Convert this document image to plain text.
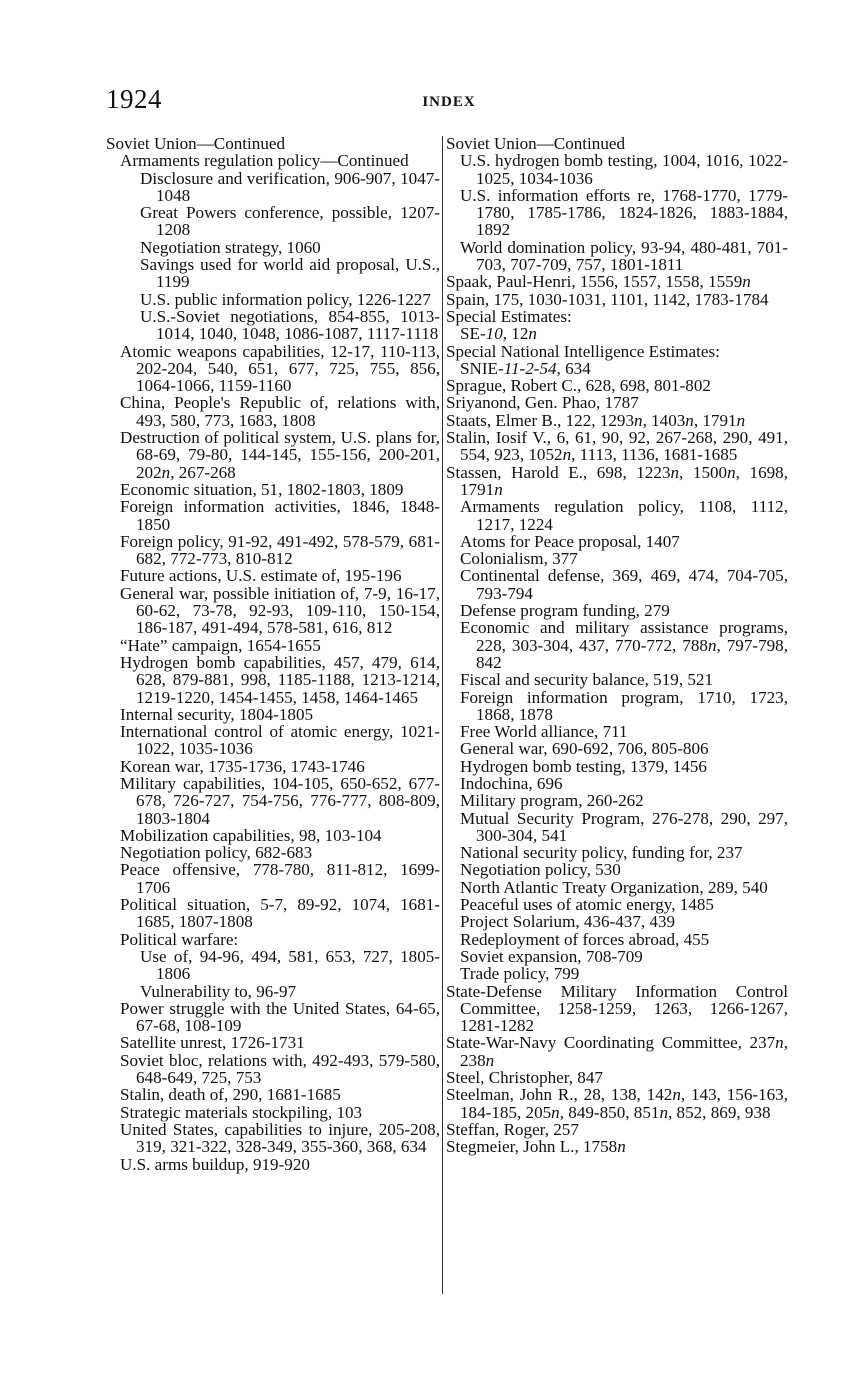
1924	INDEX

Soviet Union—Continued

Armaments regulation policy—Continued

Disclosure and verification, 906-907, 1047-1048

Great Powers conference, possible, 1207-1208

Negotiation strategy, 1060

Savings used for world aid proposal, U.S., 1199

U.S. public information policy, 1226-1227

U.S.-Soviet negotiations, 854-855, 1013-1014, 1040, 1048, 1086-1087, 1117-1118

Atomic weapons capabilities, 12-17, 110-113, 202-204, 540, 651, 677, 725, 755, 856, 1064-1066, 1159-1160

China, People's Republic of, relations with, 493, 580, 773, 1683, 1808

Destruction of political system, U.S. plans for, 68-69, 79-80, 144-145, 155-156, 200-201, 202n, 267-268

Economic situation, 51, 1802-1803, 1809

Foreign information activities, 1846, 1848-1850

Foreign policy, 91-92, 491-492, 578-579, 681-682, 772-773, 810-812

Future actions, U.S. estimate of, 195-196

General war, possible initiation of, 7-9, 16-17, 60-62, 73-78, 92-93, 109-110, 150-154, 186-187, 491-494, 578-581, 616, 812

“Hate” campaign, 1654-1655

Hydrogen bomb capabilities, 457, 479, 614, 628, 879-881, 998, 1185-1188, 1213-1214, 1219-1220, 1454-1455, 1458, 1464-1465

Internal security, 1804-1805

International control of atomic energy, 1021-1022, 1035-1036

Korean war, 1735-1736, 1743-1746

Military capabilities, 104-105, 650-652, 677-678, 726-727, 754-756, 776-777, 808-809, 1803-1804

Mobilization capabilities, 98, 103-104

Negotiation policy, 682-683

Peace offensive, 778-780, 811-812, 1699-1706

Political situation, 5-7, 89-92, 1074, 1681-1685, 1807-1808

Political warfare:

Use of, 94-96, 494, 581, 653, 727, 1805-1806

Vulnerability to, 96-97

Power struggle with the United States, 64-65, 67-68, 108-109

Satellite unrest, 1726-1731

Soviet bloc, relations with, 492-493, 579-580, 648-649, 725, 753

Stalin, death of, 290, 1681-1685

Strategic materials stockpiling, 103

United States, capabilities to injure, 205-208, 319, 321-322, 328-349, 355-360, 368, 634

U.S. arms buildup, 919-920

Soviet Union—Continued

U.S. hydrogen bomb testing, 1004, 1016, 1022-1025, 1034-1036

U.S. information efforts re, 1768-1770, 1779-1780, 1785-1786, 1824-1826, 1883-1884, 1892

World domination policy, 93-94, 480-481, 701-703, 707-709, 757, 1801-1811

Spaak, Paul-Henri, 1556, 1557, 1558, 1559n

Spain, 175, 1030-1031, 1101, 1142, 1783-1784

Special Estimates:

SE-10, 12n

Special National Intelligence Estimates:

SNIE-11-2-54, 634

Sprague, Robert C., 628, 698, 801-802

Sriyanond, Gen. Phao, 1787

Staats, Elmer B., 122, 1293n, 1403n, 1791n

Stalin, Iosif V., 6, 61, 90, 92, 267-268, 290, 491, 554, 923, 1052n, 1113, 1136, 1681-1685

Stassen, Harold E., 698, 1223n, 1500n, 1698, 1791n

Armaments regulation policy, 1108, 1112, 1217, 1224

Atoms for Peace proposal, 1407

Colonialism, 377

Continental defense, 369, 469, 474, 704-705, 793-794

Defense program funding, 279

Economic and military assistance programs, 228, 303-304, 437, 770-772, 788n, 797-798, 842

Fiscal and security balance, 519, 521

Foreign information program, 1710, 1723, 1868, 1878

Free World alliance, 711

General war, 690-692, 706, 805-806

Hydrogen bomb testing, 1379, 1456

Indochina, 696

Military program, 260-262

Mutual Security Program, 276-278, 290, 297, 300-304, 541

National security policy, funding for, 237

Negotiation policy, 530

North Atlantic Treaty Organization, 289, 540

Peaceful uses of atomic energy, 1485

Project Solarium, 436-437, 439

Redeployment of forces abroad, 455

Soviet expansion, 708-709

Trade policy, 799

State-Defense Military Information Control Committee, 1258-1259, 1263, 1266-1267, 1281-1282

State-War-Navy Coordinating Committee, 237n, 238n

Steel, Christopher, 847

Steelman, John R., 28, 138, 142n, 143, 156-163, 184-185, 205n, 849-850, 851n, 852, 869, 938

Steffan, Roger, 257

Stegmeier, John L., 1758n
